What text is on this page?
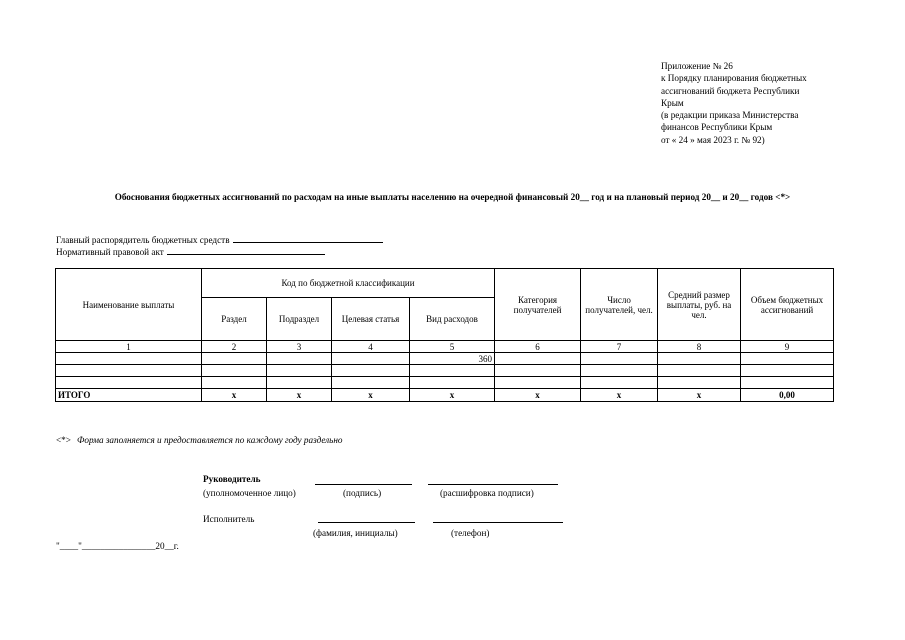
Приложение № 26
к Порядку планирования бюджетных
ассигнований бюджета Республики
Крым
(в редакции приказа Министерства
финансов Республики Крым
от « 24 » мая 2023 г. № 92)
Обоснования бюджетных ассигнований по расходам на иные выплаты населению на очередной финансовый 20__ год и на плановый период 20__ и 20__ годов <*>
Главный распорядитель бюджетных средств
Нормативный правовой акт
Наименование выплаты	Код по бюджетной классификации				Категория получателей	Число получателей, чел.	Средний размер выплаты, руб. на чел.	Объем бюджетных ассигнований
	Раздел	Подраздел	Целевая статья	Вид расходов				
1	2	3	4	5	6	7	8	9
				360				

ИТОГО	x	x	x	x	x	x	x	0,00
<*> Форма заполняется и предоставляется по каждому году раздельно
Руководитель
(уполномоченное лицо)	(подпись)	(расшифровка подписи)
Исполнитель
(фамилия, инициалы)	(телефон)
"____"________________20__г.
